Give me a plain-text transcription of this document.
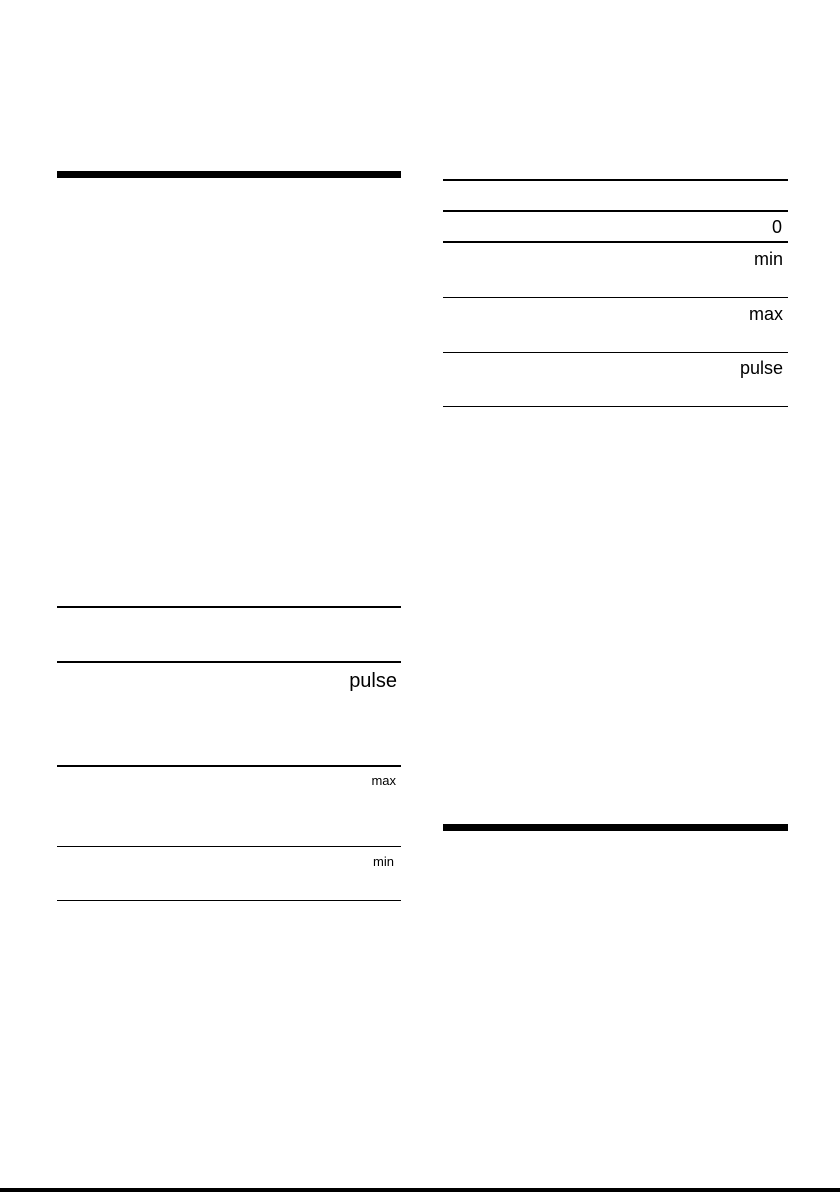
pulse
max
min
0
min
max
pulse
